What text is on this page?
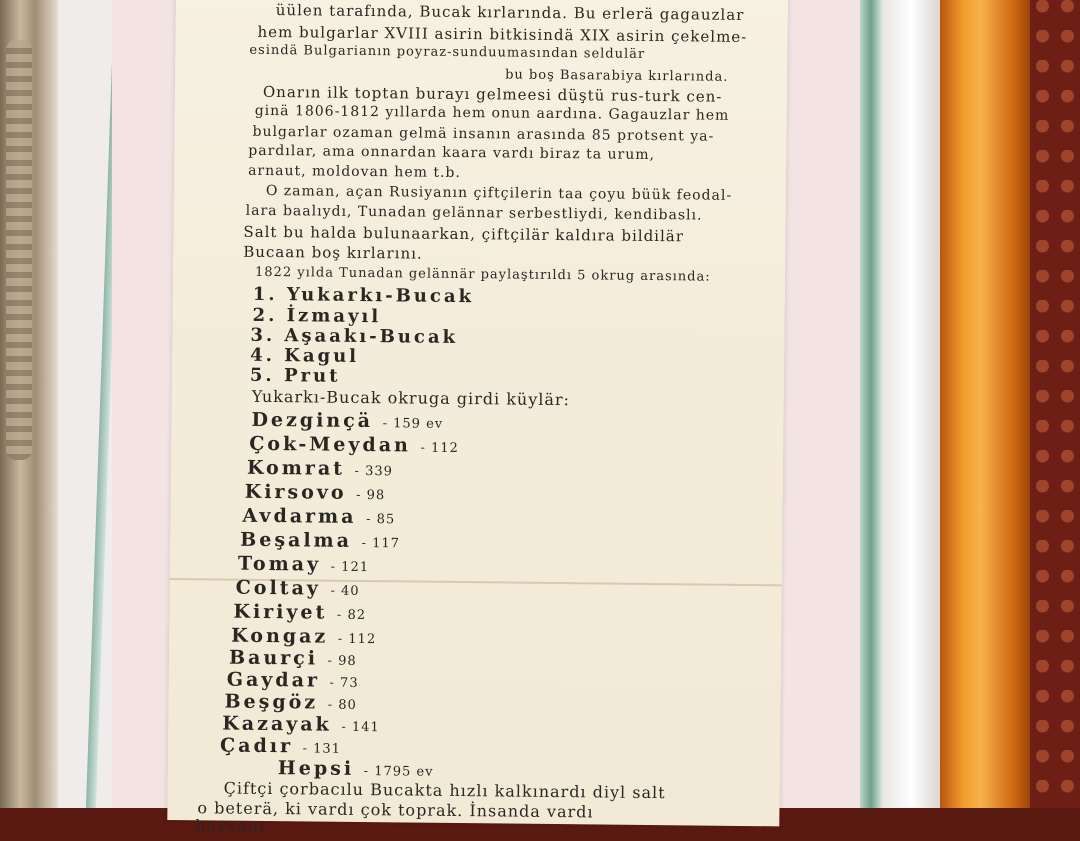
üülen tarafında, Bucak kırlarında. Bu erlerä gagauzlar
hem bulgarlar XVIII asirin bitkisindä XIX asirin çekelme-
esindä Bulgarianın poyraz-sunduumasından seldulär
bu boş Basarabiya kırlarında.
Onarın ilk toptan burayı gelmeesi düştü rus-turk cen-
ginä 1806-1812 yıllarda hem onun aardına. Gagauzlar hem
bulgarlar ozaman gelmä insanın arasında 85 protsent ya-
pardılar, ama onnardan kaara vardı biraz ta urum,
arnaut, moldovan hem t.b.
O zaman, açan Rusiyanın çiftçilerin taa çoyu büük feodal-
lara baalıydı, Tunadan gelännar serbestliydi, kendibaslı.
Salt bu halda bulunaarkan, çiftçilär kaldıra bildilär
Bucaan boş kırlarını.
1822 yılda Tunadan gelännär paylaştırıldı 5 okrug arasında:
1. Yukarkı-Bucak
2. İzmayıl
3. Aşaakı-Bucak
4. Kagul
5. Prut
Yukarkı-Bucak okruga girdi küylär:
Dezginçä - 159 ev
Çok-Meydan - 112
Komrat - 339
Kirsovo - 98
Avdarma - 85
Beşalma - 117
Tomay - 121
Coltay - 40
Kiriyet - 82
Kongaz - 112
Baurçi - 98
Gaydar - 73
Beşgöz - 80
Kazayak - 141
Çadır - 131
Hepsi - 1795 ev
Çiftçi çorbacılu Bucakta hızlı kalkınardı diyl salt
o beterä, ki vardı çok toprak. İnsanda vardı
hayvanı
